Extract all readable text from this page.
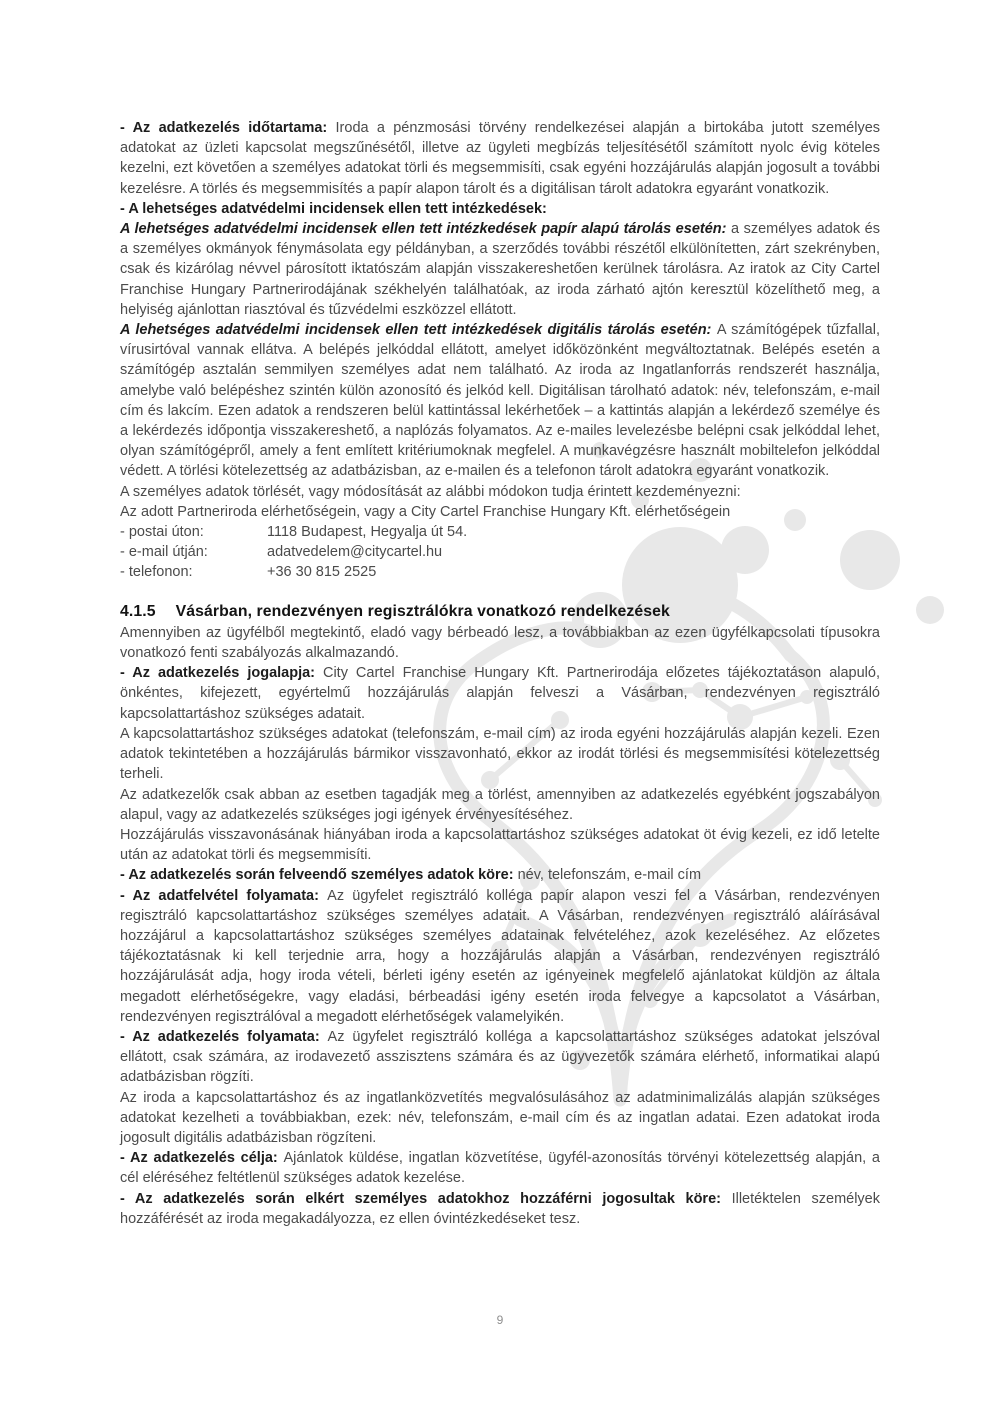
- Az adatkezelés időtartama: Iroda a pénzmosási törvény rendelkezései alapján a birtokába jutott személyes adatokat az üzleti kapcsolat megszűnésétől, illetve az ügyleti megbízás teljesítésétől számított nyolc évig köteles kezelni, ezt követően a személyes adatokat törli és megsemmisíti, csak egyéni hozzájárulás alapján jogosult a további kezelésre. A törlés és megsemmisítés a papír alapon tárolt és a digitálisan tárolt adatokra egyaránt vonatkozik.

- A lehetséges adatvédelmi incidensek ellen tett intézkedések:

A lehetséges adatvédelmi incidensek ellen tett intézkedések papír alapú tárolás esetén: a személyes adatok és a személyes okmányok fénymásolata egy példányban, a szerződés további részétől elkülönítetten, zárt szekrényben, csak és kizárólag névvel párosított iktatószám alapján visszakereshetően kerülnek tárolásra. Az iratok az City Cartel Franchise Hungary Partnerirodájának székhelyén találhatóak, az iroda zárható ajtón keresztül közelíthető meg, a helyiség ajánlottan riasztóval és tűzvédelmi eszközzel ellátott.

A lehetséges adatvédelmi incidensek ellen tett intézkedések digitális tárolás esetén: A számítógépek tűzfallal, vírusirtóval vannak ellátva. A belépés jelkóddal ellátott, amelyet időközönként megváltoztatnak. Belépés esetén a számítógép asztalán semmilyen személyes adat nem található. Az iroda az Ingatlanforrás rendszerét használja, amelybe való belépéshez szintén külön azonosító és jelkód kell. Digitálisan tárolható adatok: név, telefonszám, e-mail cím és lakcím. Ezen adatok a rendszeren belül kattintással lekérhetőek – a kattintás alapján a lekérdező személye és a lekérdezés időpontja visszakereshető, a naplózás folyamatos. Az e-mailes levelezésbe belépni csak jelkóddal lehet, olyan számítógépről, amely a fent említett kritériumoknak megfelel. A munkavégzésre használt mobiltelefon jelkóddal védett. A törlési kötelezettség az adatbázisban, az e-mailen és a telefonon tárolt adatokra egyaránt vonatkozik.

A személyes adatok törlését, vagy módosítását az alábbi módokon tudja érintett kezdeményezni:

Az adott Partneriroda elérhetőségein, vagy a City Cartel Franchise Hungary Kft. elérhetőségein

- postai úton:	1118 Budapest, Hegyalja út 54.
- e-mail útján:	adatvedelem@citycartel.hu
- telefonon:	+36 30 815 2525
4.1.5 Vásárban, rendezvényen regisztrálókra vonatkozó rendelkezések

Amennyiben az ügyfélből megtekintő, eladó vagy bérbeadó lesz, a továbbiakban az ezen ügyfélkapcsolati típusokra vonatkozó fenti szabályozás alkalmazandó.

- Az adatkezelés jogalapja: City Cartel Franchise Hungary Kft. Partnerirodája előzetes tájékoztatáson alapuló, önkéntes, kifejezett, egyértelmű hozzájárulás alapján felveszi a Vásárban, rendezvényen regisztráló kapcsolattartáshoz szükséges adatait.

A kapcsolattartáshoz szükséges adatokat (telefonszám, e-mail cím) az iroda egyéni hozzájárulás alapján kezeli. Ezen adatok tekintetében a hozzájárulás bármikor visszavonható, ekkor az irodát törlési és megsemmisítési kötelezettség terheli.

Az adatkezelők csak abban az esetben tagadják meg a törlést, amennyiben az adatkezelés egyébként jogszabályon alapul, vagy az adatkezelés szükséges jogi igények érvényesítéséhez.

Hozzájárulás visszavonásának hiányában iroda a kapcsolattartáshoz szükséges adatokat öt évig kezeli, ez idő letelte után az adatokat törli és megsemmisíti.

- Az adatkezelés során felveendő személyes adatok köre: név, telefonszám, e-mail cím

- Az adatfelvétel folyamata: Az ügyfelet regisztráló kolléga papír alapon veszi fel a Vásárban, rendezvényen regisztráló kapcsolattartáshoz szükséges személyes adatait. A Vásárban, rendezvényen regisztráló aláírásával hozzájárul a kapcsolattartáshoz szükséges személyes adatainak felvételéhez, azok kezeléséhez. Az előzetes tájékoztatásnak ki kell terjednie arra, hogy a hozzájárulás alapján a Vásárban, rendezvényen regisztráló hozzájárulását adja, hogy iroda vételi, bérleti igény esetén az igényeinek megfelelő ajánlatokat küldjön az általa megadott elérhetőségekre, vagy eladási, bérbeadási igény esetén iroda felvegye a kapcsolatot a Vásárban, rendezvényen regisztrálóval a megadott elérhetőségek valamelyikén.

- Az adatkezelés folyamata: Az ügyfelet regisztráló kolléga a kapcsolattartáshoz szükséges adatokat jelszóval ellátott, csak számára, az irodavezető asszisztens számára és az ügyvezetők számára elérhető, informatikai alapú adatbázisban rögzíti.

Az iroda a kapcsolattartáshoz és az ingatlanközvetítés megvalósulásához az adatminimalizálás alapján szükséges adatokat kezelheti a továbbiakban, ezek: név, telefonszám, e-mail cím és az ingatlan adatai. Ezen adatokat iroda jogosult digitális adatbázisban rögzíteni.

- Az adatkezelés célja: Ajánlatok küldése, ingatlan közvetítése, ügyfél-azonosítás törvényi kötelezettség alapján, a cél eléréséhez feltétlenül szükséges adatok kezelése.

- Az adatkezelés során elkért személyes adatokhoz hozzáférni jogosultak köre: Illetéktelen személyek hozzáférését az iroda megakadályozza, ez ellen óvintézkedéseket tesz.

9
